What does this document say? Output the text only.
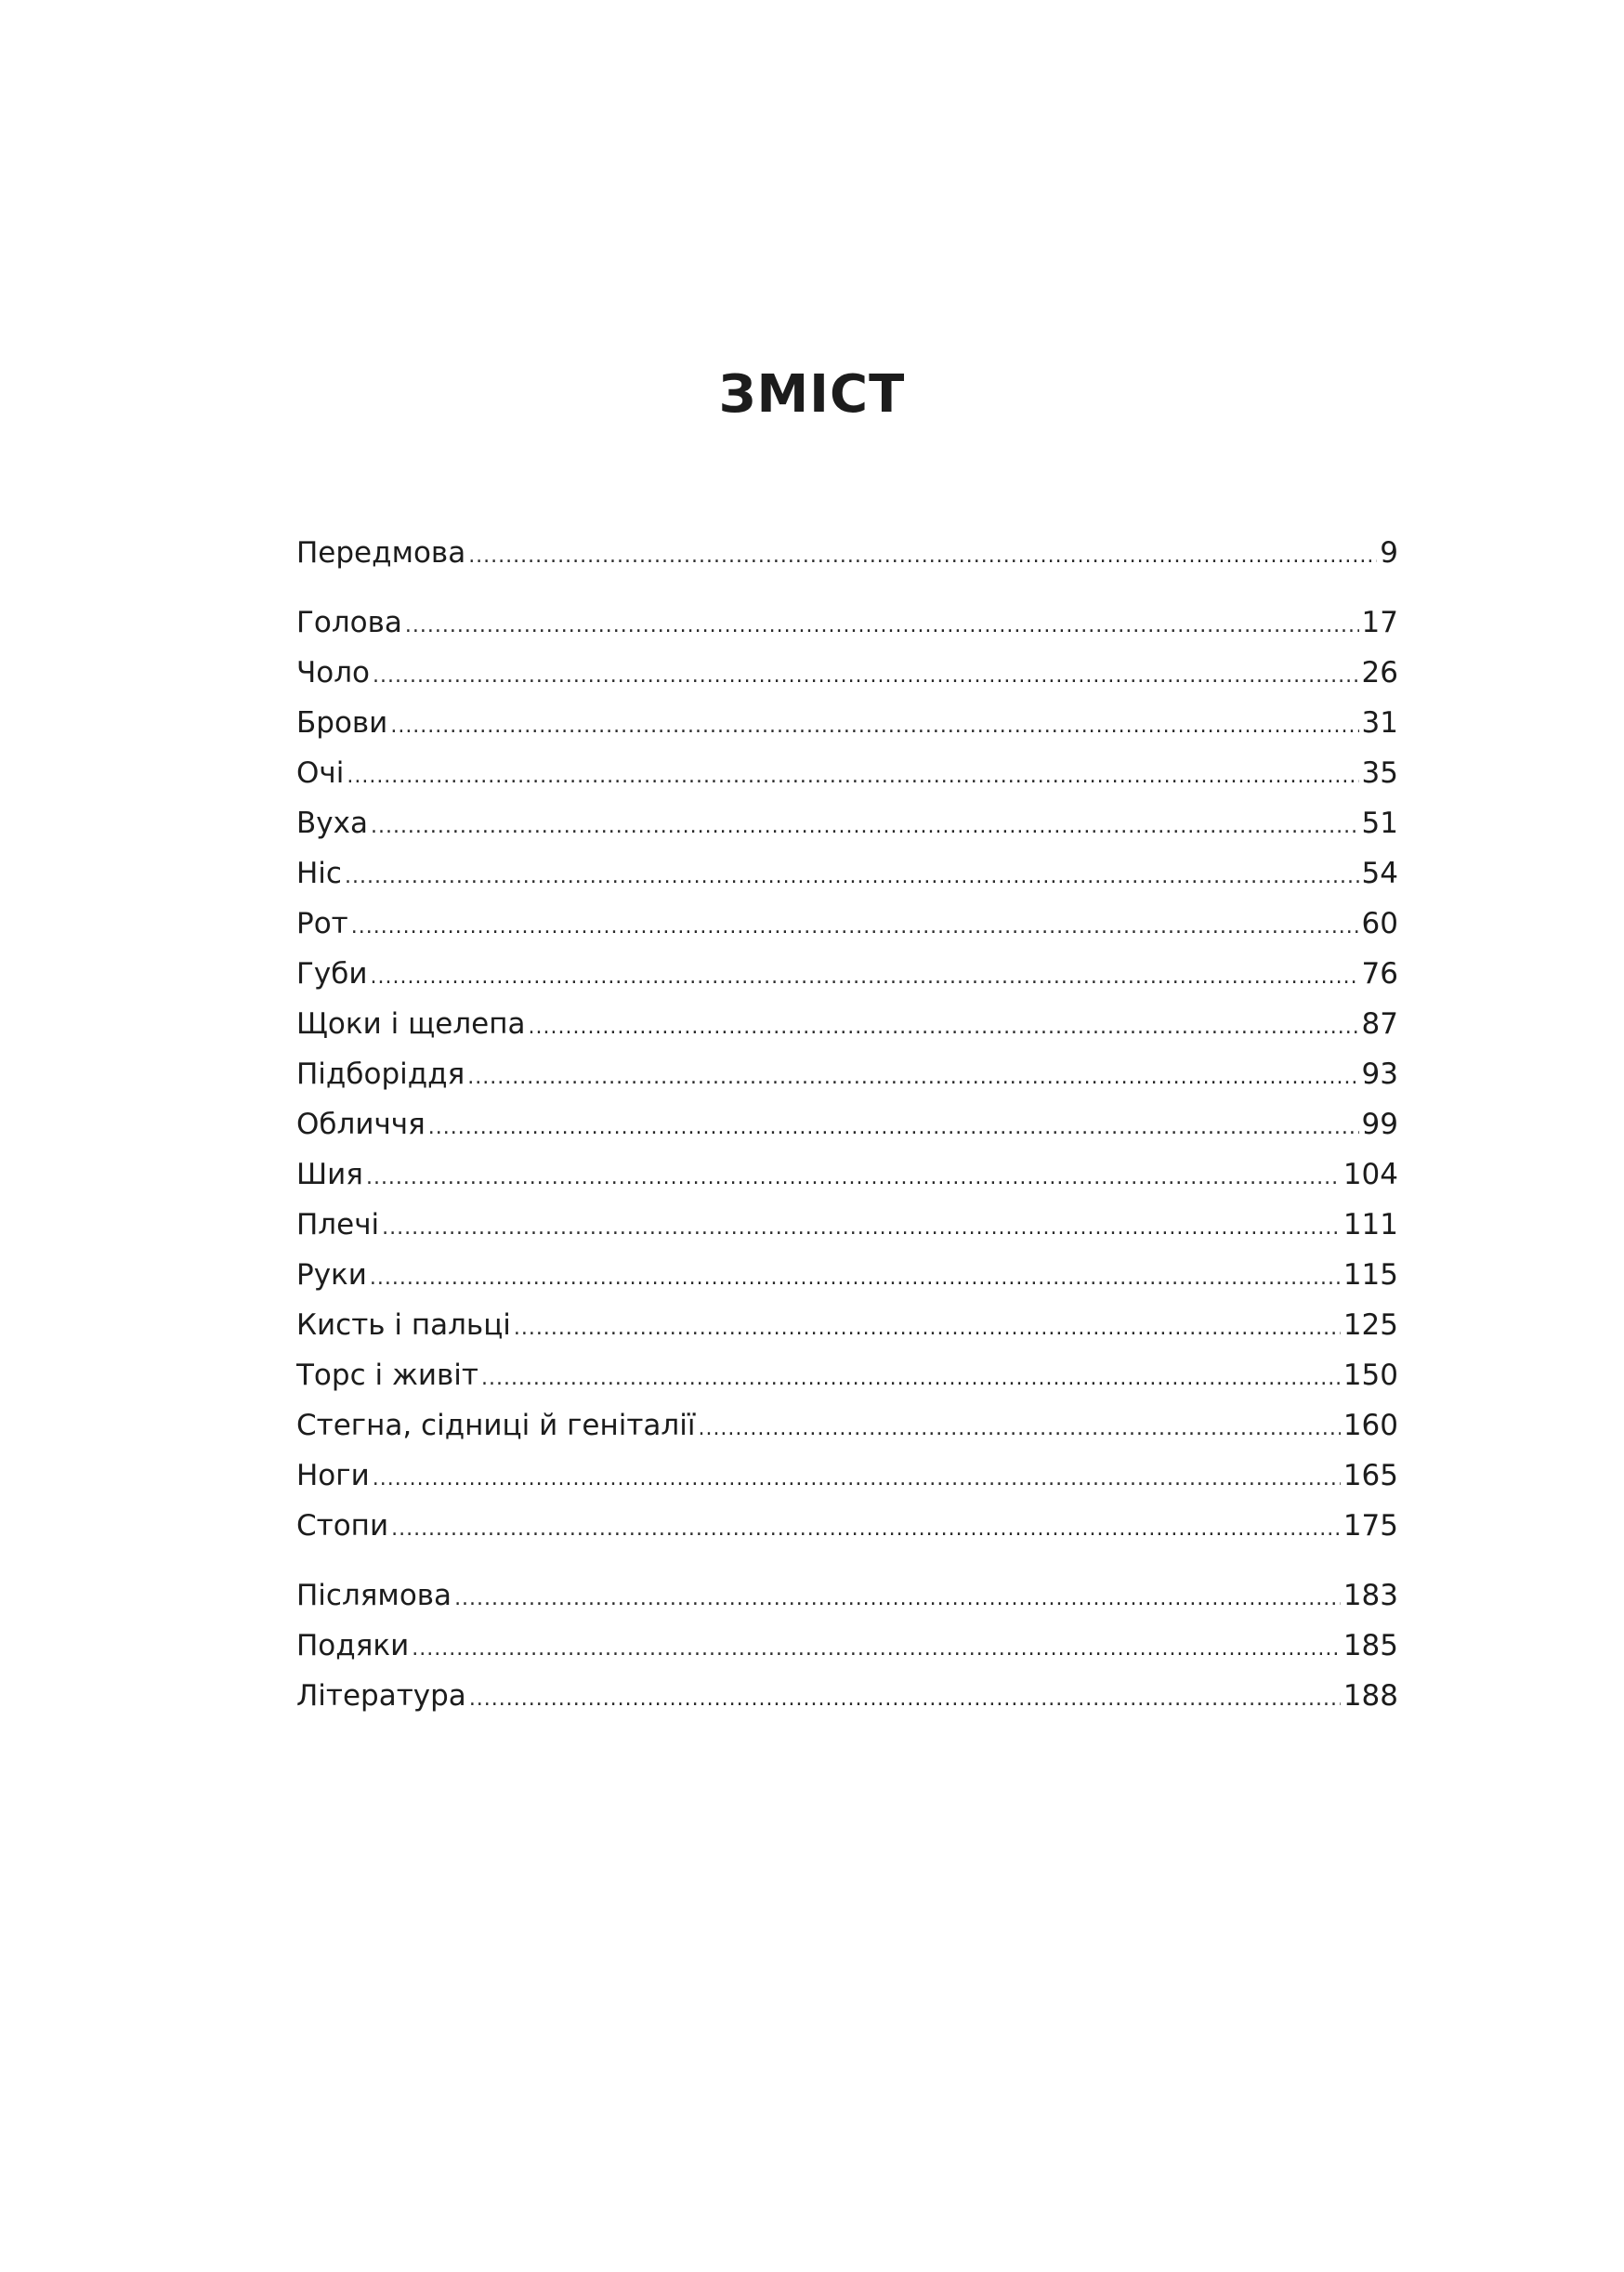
ЗМІСТ
Передмова .....	9
Голова .....	17
Чоло .....	26
Брови .....	31
Очі .....	35
Вуха .....	51
Ніс .....	54
Рот .....	60
Губи .....	76
Щоки і щелепа .....	87
Підборіддя .....	93
Обличчя .....	99
Шия .....	104
Плечі .....	111
Руки .....	115
Кисть і пальці .....	125
Торс і живіт .....	150
Стегна, сідниці й геніталії .....	160
Ноги .....	165
Стопи .....	175
Післямова .....	183
Подяки .....	185
Література .....	188
